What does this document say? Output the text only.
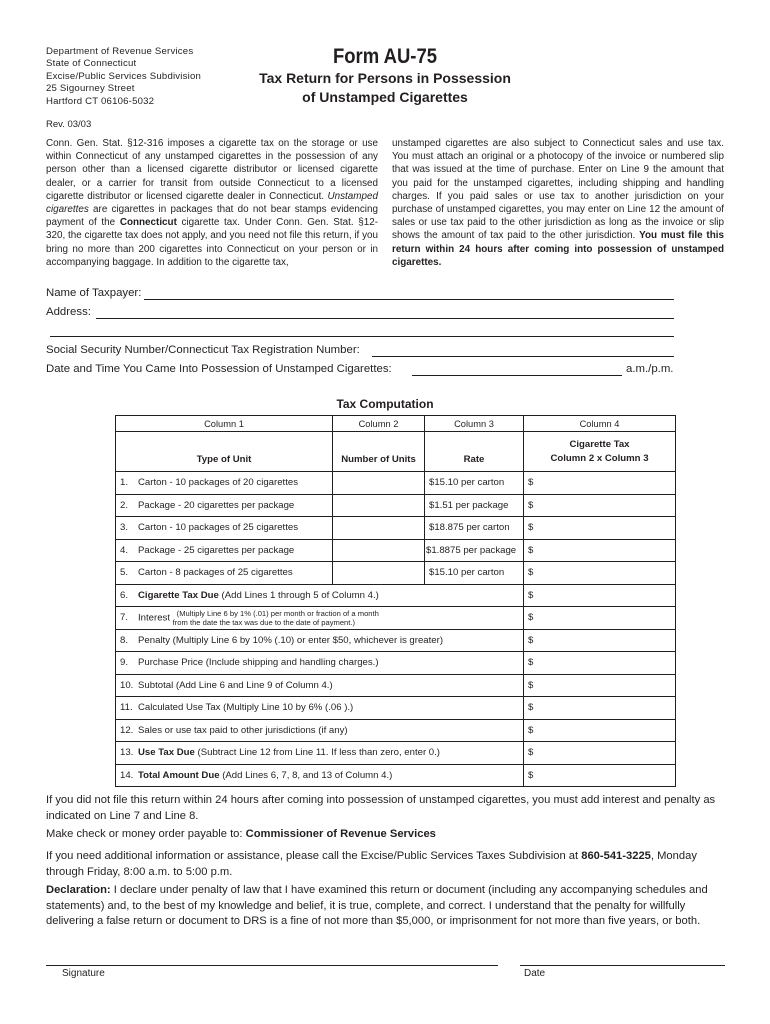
Department of Revenue Services
State of Connecticut
Excise/Public Services Subdivision
25 Sigourney Street
Hartford CT 06106-5032
Form AU-75
Tax Return for Persons in Possession
of Unstamped Cigarettes
Rev. 03/03
Conn. Gen. Stat. §12-316 imposes a cigarette tax on the storage or use within Connecticut of any unstamped cigarettes in the possession of any person other than a licensed cigarette distributor or licensed cigarette dealer, or a carrier for transit from outside Connecticut to a licensed cigarette distributor or licensed cigarette dealer in Connecticut. Unstamped cigarettes are cigarettes in packages that do not bear stamps evidencing payment of the Connecticut cigarette tax. Under Conn. Gen. Stat. §12-320, the cigarette tax does not apply, and you need not file this return, if you bring no more than 200 cigarettes into Connecticut on your person or in accompanying baggage. In addition to the cigarette tax,
unstamped cigarettes are also subject to Connecticut sales and use tax. You must attach an original or a photocopy of the invoice or numbered slip that was issued at the time of purchase. Enter on Line 9 the amount that you paid for the unstamped cigarettes, including shipping and handling charges. If you paid sales or use tax to another jurisdiction on your purchase of unstamped cigarettes, you may enter on Line 12 the amount of sales or use tax paid to the other jurisdiction as long as the invoice or slip shows the amount of tax paid to the other jurisdiction. You must file this return within 24 hours after coming into possession of unstamped cigarettes.
Name of Taxpayer:
Address:
Social Security Number/Connecticut Tax Registration Number:
Date and Time You Came Into Possession of Unstamped Cigarettes:	a.m./p.m.
Tax Computation
Column 1	Column 2	Column 3	Column 4
Type of Unit	Number of Units	Rate	Cigarette Tax
Column 2 x Column 3

1. Carton - 10 packages of 20 cigarettes		$15.10 per carton	$
2. Package - 20 cigarettes per package		$1.51 per package	$
3. Carton - 10 packages of 25 cigarettes		$18.875 per carton	$
4. Package - 25 cigarettes per package		$1.8875 per package	$
5. Carton - 8 packages of 25 cigarettes		$15.10 per carton	$
6. Cigarette Tax Due (Add Lines 1 through 5 of Column 4.)			$
7. Interest (Multiply Line 6 by 1% (.01) per month or fraction of a month
from the date the tax was due to the date of payment.)			$
8. Penalty (Multiply Line 6 by 10% (.10) or enter $50, whichever is greater)			$
9. Purchase Price (Include shipping and handling charges.)			$
10. Subtotal (Add Line 6 and Line 9 of Column 4.)			$
11. Calculated Use Tax (Multiply Line 10 by 6% (.06 ).)			$
12. Sales or use tax paid to other jurisdictions (if any)			$
13. Use Tax Due (Subtract Line 12 from Line 11. If less than zero, enter 0.)			$
14. Total Amount Due (Add Lines 6, 7, 8, and 13 of Column 4.)			$
If you did not file this return within 24 hours after coming into possession of unstamped cigarettes, you must add interest and penalty as indicated on Line 7 and Line 8.
Make check or money order payable to: Commissioner of Revenue Services
If you need additional information or assistance, please call the Excise/Public Services Taxes Subdivision at 860-541-3225, Monday through Friday, 8:00 a.m. to 5:00 p.m.
Declaration: I declare under penalty of law that I have examined this return or document (including any accompanying schedules and statements) and, to the best of my knowledge and belief, it is true, complete, and correct. I understand that the penalty for willfully delivering a false return or document to DRS is a fine of not more than $5,000, or imprisonment for not more than five years, or both.
Signature	Date
